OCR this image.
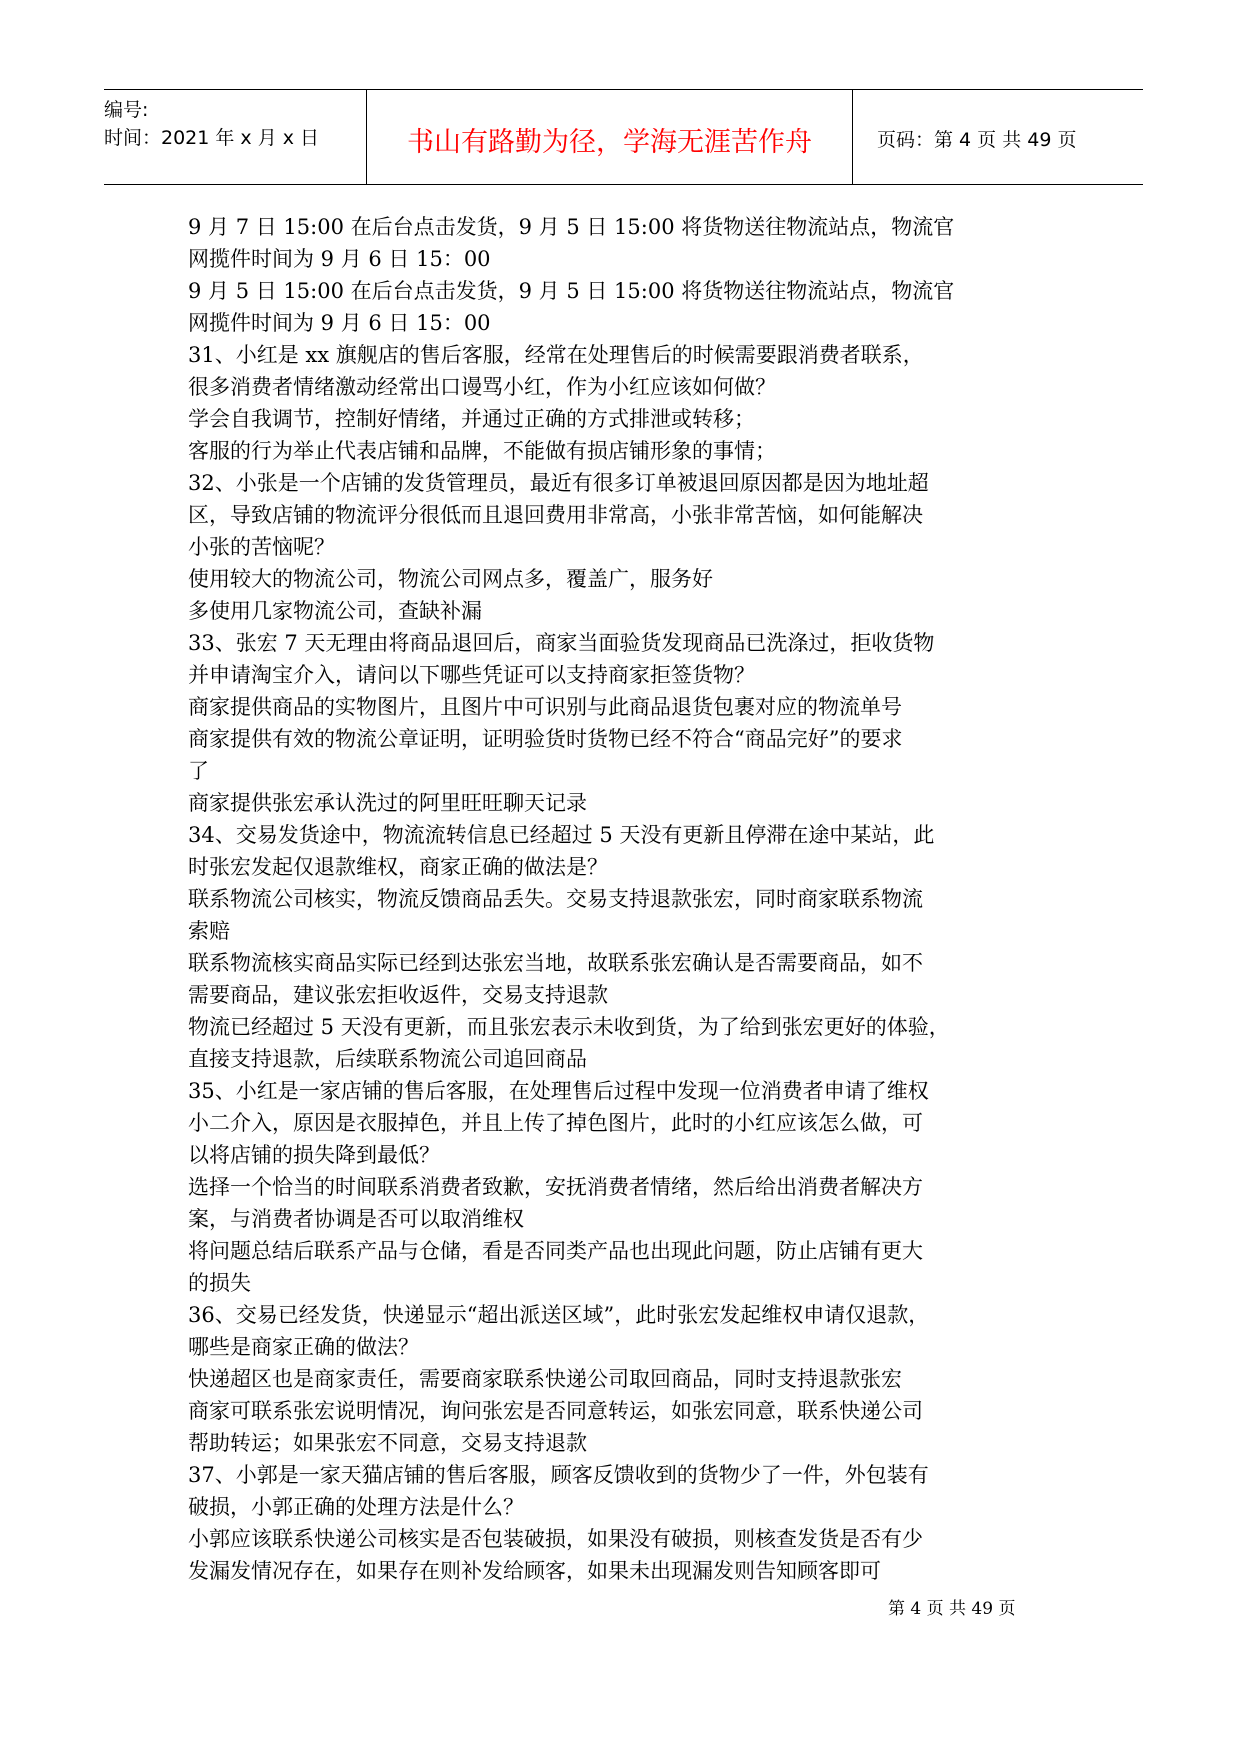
编号:
时间：2021 年 x 月 x 日	书山有路勤为径，学海无涯苦作舟	页码：第 4 页 共 49 页
9 月 7 日 15:00 在后台点击发货，9 月 5 日 15:00 将货物送往物流站点，物流官
网揽件时间为 9 月 6 日 15：00
9 月 5 日 15:00 在后台点击发货，9 月 5 日 15:00 将货物送往物流站点，物流官
网揽件时间为 9 月 6 日 15：00
31、小红是 xx 旗舰店的售后客服，经常在处理售后的时候需要跟消费者联系，
很多消费者情绪激动经常出口谩骂小红，作为小红应该如何做？
学会自我调节，控制好情绪，并通过正确的方式排泄或转移；
客服的行为举止代表店铺和品牌，不能做有损店铺形象的事情；
32、小张是一个店铺的发货管理员，最近有很多订单被退回原因都是因为地址超
区，导致店铺的物流评分很低而且退回费用非常高，小张非常苦恼，如何能解决
小张的苦恼呢？
使用较大的物流公司，物流公司网点多，覆盖广，服务好
多使用几家物流公司，查缺补漏
33、张宏 7 天无理由将商品退回后，商家当面验货发现商品已洗涤过，拒收货物
并申请淘宝介入，请问以下哪些凭证可以支持商家拒签货物？
商家提供商品的实物图片，且图片中可识别与此商品退货包裹对应的物流单号
商家提供有效的物流公章证明，证明验货时货物已经不符合“商品完好”的要求
了
商家提供张宏承认洗过的阿里旺旺聊天记录
34、交易发货途中，物流流转信息已经超过 5 天没有更新且停滞在途中某站，此
时张宏发起仅退款维权，商家正确的做法是？
联系物流公司核实，物流反馈商品丢失。交易支持退款张宏，同时商家联系物流
索赔
联系物流核实商品实际已经到达张宏当地，故联系张宏确认是否需要商品，如不
需要商品，建议张宏拒收返件，交易支持退款
物流已经超过 5 天没有更新，而且张宏表示未收到货，为了给到张宏更好的体验，
直接支持退款，后续联系物流公司追回商品
35、小红是一家店铺的售后客服，在处理售后过程中发现一位消费者申请了维权
小二介入，原因是衣服掉色，并且上传了掉色图片，此时的小红应该怎么做，可
以将店铺的损失降到最低？
选择一个恰当的时间联系消费者致歉，安抚消费者情绪，然后给出消费者解决方
案，与消费者协调是否可以取消维权
将问题总结后联系产品与仓储，看是否同类产品也出现此问题，防止店铺有更大
的损失
36、交易已经发货，快递显示“超出派送区域”，此时张宏发起维权申请仅退款，
哪些是商家正确的做法？
快递超区也是商家责任，需要商家联系快递公司取回商品，同时支持退款张宏
商家可联系张宏说明情况，询问张宏是否同意转运，如张宏同意，联系快递公司
帮助转运；如果张宏不同意，交易支持退款
37、小郭是一家天猫店铺的售后客服，顾客反馈收到的货物少了一件，外包装有
破损，小郭正确的处理方法是什么？
小郭应该联系快递公司核实是否包装破损，如果没有破损，则核查发货是否有少
发漏发情况存在，如果存在则补发给顾客，如果未出现漏发则告知顾客即可
第 4 页 共 49 页
